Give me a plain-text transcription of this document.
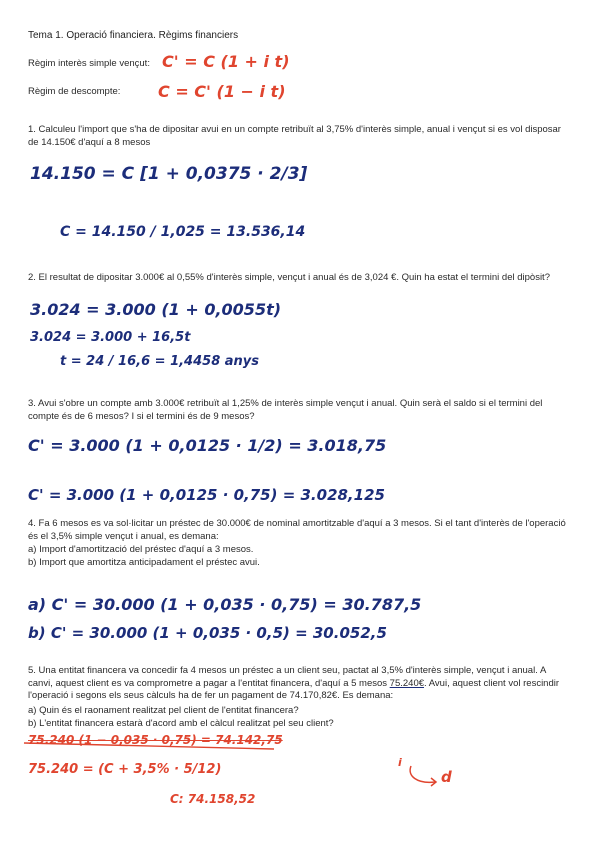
Tema 1. Operació financiera. Règims financiers
Règim interès simple vençut: C' = C (1 + i t)
Règim de descompte: C = C' (1 − i t)
1. Calculeu l'import que s'ha de dipositar avui en un compte retribuït al 3,75% d'interès simple, anual i vençut si es vol disposar de 14.150€ d'aquí a 8 mesos
14.150 = C [1 + 0,0375 · 2/3]
C = 14.150 / 1,025 = 13.536,14
2. El resultat de dipositar 3.000€ al 0,55% d'interès simple, vençut i anual és de 3,024 €. Quin ha estat el termini del dipòsit?
3.024 = 3.000 (1 + 0,0055t)
3.024 = 3.000 + 16,5t
t = 24 / 16,6 = 1,4458 anys
3. Avui s'obre un compte amb 3.000€ retribuït al 1,25% de interès simple vençut i anual. Quin serà el saldo si el termini del compte és de 6 mesos? I si el termini és de 9 mesos?
C' = 3.000 (1 + 0,0125 · 1/2) = 3.018,75
C' = 3.000 (1 + 0,0125 · 0,75) = 3.028,125
4. Fa 6 mesos es va sol·licitar un préstec de 30.000€ de nominal amortitzable d'aquí a 3 mesos. Si el tant d'interès de l'operació és el 3,5% simple vençut i anual, es demana:
a) Import d'amortització del préstec d'aquí a 3 mesos.
b) Import que amortitza anticipadament el préstec avui.
a) C' = 30.000 (1 + 0,035 · 0,75) = 30.787,5
b) C' = 30.000 (1 + 0,035 · 0,5) = 30.052,5
5. Una entitat financera va concedir fa 4 mesos un préstec a un client seu, pactat al 3,5% d'interès simple, vençut i anual. A canvi, aquest client es va comprometre a pagar a l'entitat financera, d'aquí a 5 mesos 75.240€. Avui, aquest client vol rescindir l'operació i segons els seus càlculs ha de fer un pagament de 74.170,82€. Es demana:
a) Quin és el raonament realitzat pel client de l'entitat financera?
b) L'entitat financera estarà d'acord amb el càlcul realitzat pel seu client?
75.240 (1 − 0,035 · 0,75) = 74.142,75
75.240 = (C + 3,5% · 5/12)
C: 74.158,52
i
d
